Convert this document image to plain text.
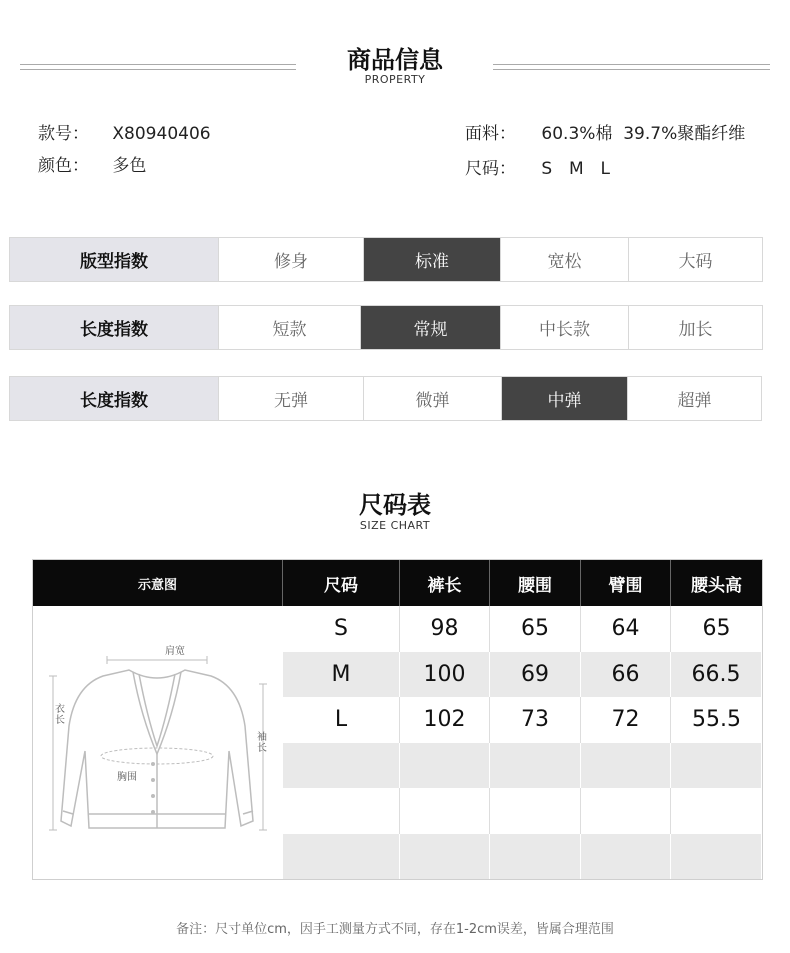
商品信息
PROPERTY
款号： X80940406
颜色： 多色
面料： 60.3%棉  39.7%聚酯纤维
尺码： S  M  L
版型指数	修身	标准	宽松	大码
长度指数	短款	常规	中长款	加长
长度指数	无弹	微弹	中弹	超弹
尺码表
SIZE CHART
示意图	尺码	裤长	腰围	臂围	腰头高
肩宽
衣长
胸围
袖长
S	98	65	64	65
M	100	69	66	66.5
L	102	73	72	55.5
备注：尺寸单位cm，因手工测量方式不同，存在1-2cm误差，皆属合理范围
